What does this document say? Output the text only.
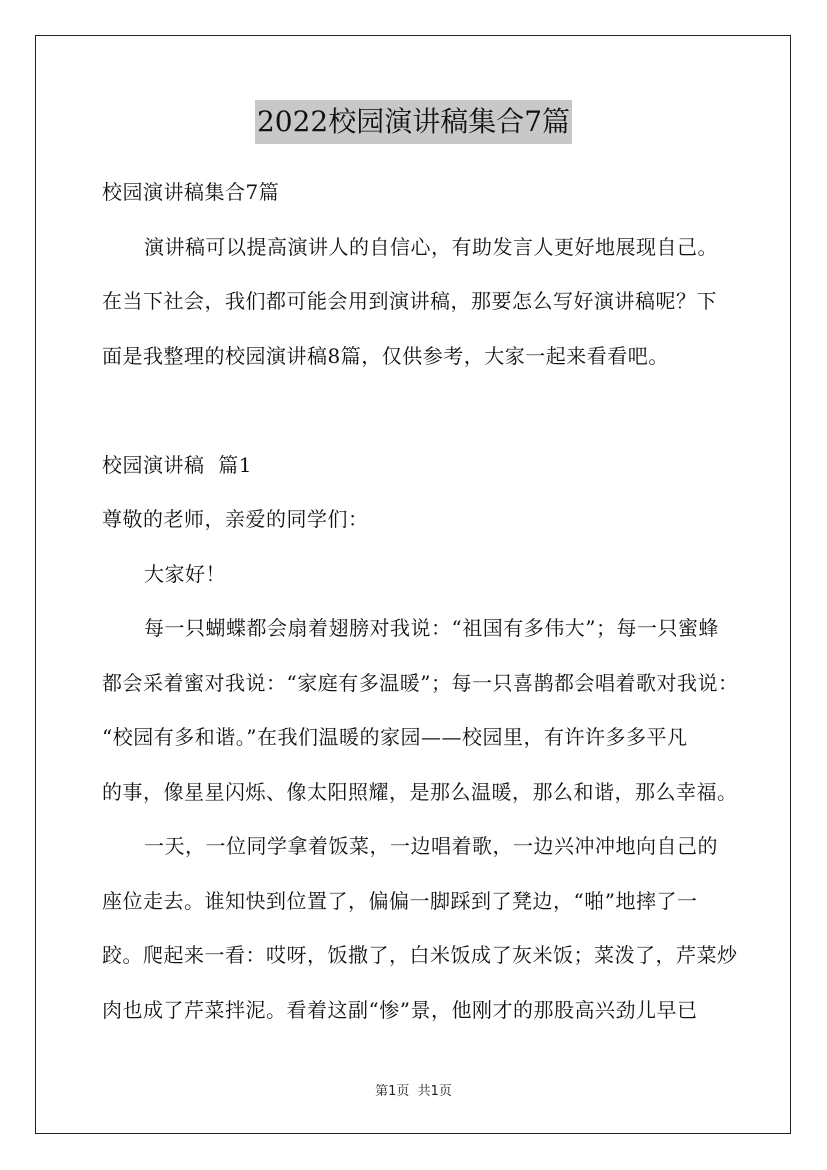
2022校园演讲稿集合7篇
校园演讲稿集合7篇
演讲稿可以提高演讲人的自信心，有助发言人更好地展现自己。
在当下社会，我们都可能会用到演讲稿，那要怎么写好演讲稿呢？下
面是我整理的校园演讲稿8篇，仅供参考，大家一起来看看吧。
校园演讲稿  篇1
尊敬的老师，亲爱的同学们：
大家好！
每一只蝴蝶都会扇着翅膀对我说：“祖国有多伟大”；每一只蜜蜂
都会采着蜜对我说：“家庭有多温暖”；每一只喜鹊都会唱着歌对我说：
“校园有多和谐。”在我们温暖的家园——校园里，有许许多多平凡
的事，像星星闪烁、像太阳照耀，是那么温暖，那么和谐，那么幸福。
一天，一位同学拿着饭菜，一边唱着歌，一边兴冲冲地向自己的
座位走去。谁知快到位置了，偏偏一脚踩到了凳边，“啪”地摔了一
跤。爬起来一看：哎呀，饭撒了，白米饭成了灰米饭；菜泼了，芹菜炒
肉也成了芹菜拌泥。看着这副“惨”景，他刚才的那股高兴劲儿早已
第1页  共1页
